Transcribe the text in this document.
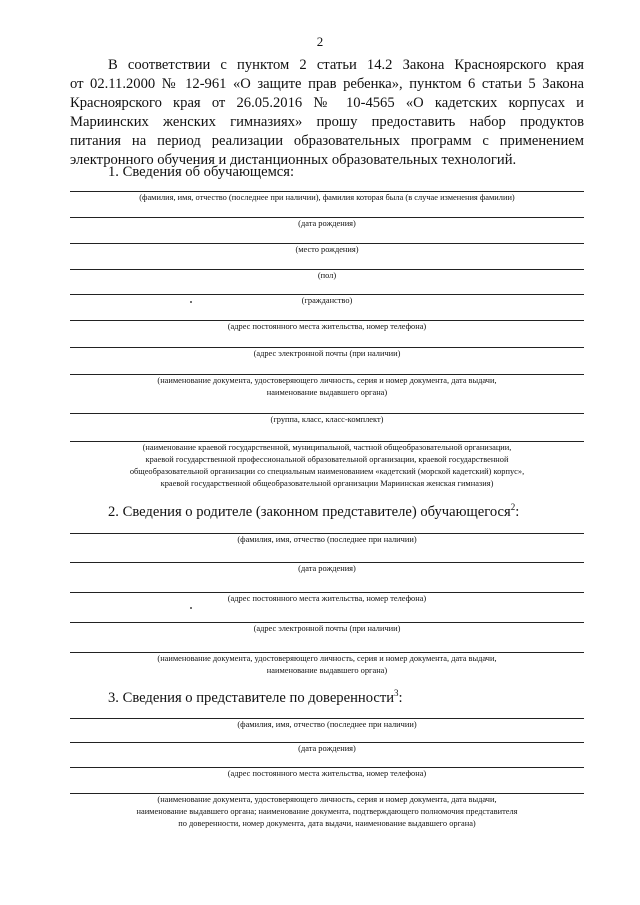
2
В соответствии с пунктом 2 статьи 14.2 Закона Красноярского края
от 02.11.2000 № 12-961 «О защите прав ребенка», пунктом 6 статьи 5 Закона
Красноярского края от 26.05.2016 № 10-4565 «О кадетских корпусах и
Мариинских женских гимназиях» прошу предоставить набор продуктов
питания на период реализации образовательных программ с применением
электронного обучения и дистанционных образовательных технологий.
1. Сведения об обучающемся:
2. Сведения о родителе (законном представителе) обучающегося$^2$:
3. Сведения о представителе по доверенности$^3$:
(фамилия, имя, отчество (последнее при наличии), фамилия которая была (в случае изменения фамилии)
(дата рождения)
(место рождения)
(пол)
(гражданство)
(адрес постоянного места жительства, номер телефона)
(адрес электронной почты (при наличии)
(наименование документа, удостоверяющего личность, серия и номер документа, дата выдачи,
наименование выдавшего органа)
(группа, класс, класс-комплект)
(наименование краевой государственной, муниципальной, частной общеобразовательной организации,
краевой государственной профессиональной образовательной организации, краевой государственной
общеобразовательной организации со специальным наименованием «кадетский (морской кадетский) корпус»,
краевой государственной общеобразовательной организации Мариинская женская гимназия)
(фамилия, имя, отчество (последнее при наличии)
(дата рождения)
(адрес постоянного места жительства, номер телефона)
(адрес электронной почты (при наличии)
(наименование документа, удостоверяющего личность, серия и номер документа, дата выдачи,
наименование выдавшего органа)
(фамилия, имя, отчество (последнее при наличии)
(дата рождения)
(адрес постоянного места жительства, номер телефона)
(наименование документа, удостоверяющего личность, серия и номер документа, дата выдачи,
наименование выдавшего органа; наименование документа, подтверждающего полномочия представителя
по доверенности, номер документа, дата выдачи, наименование выдавшего органа)
